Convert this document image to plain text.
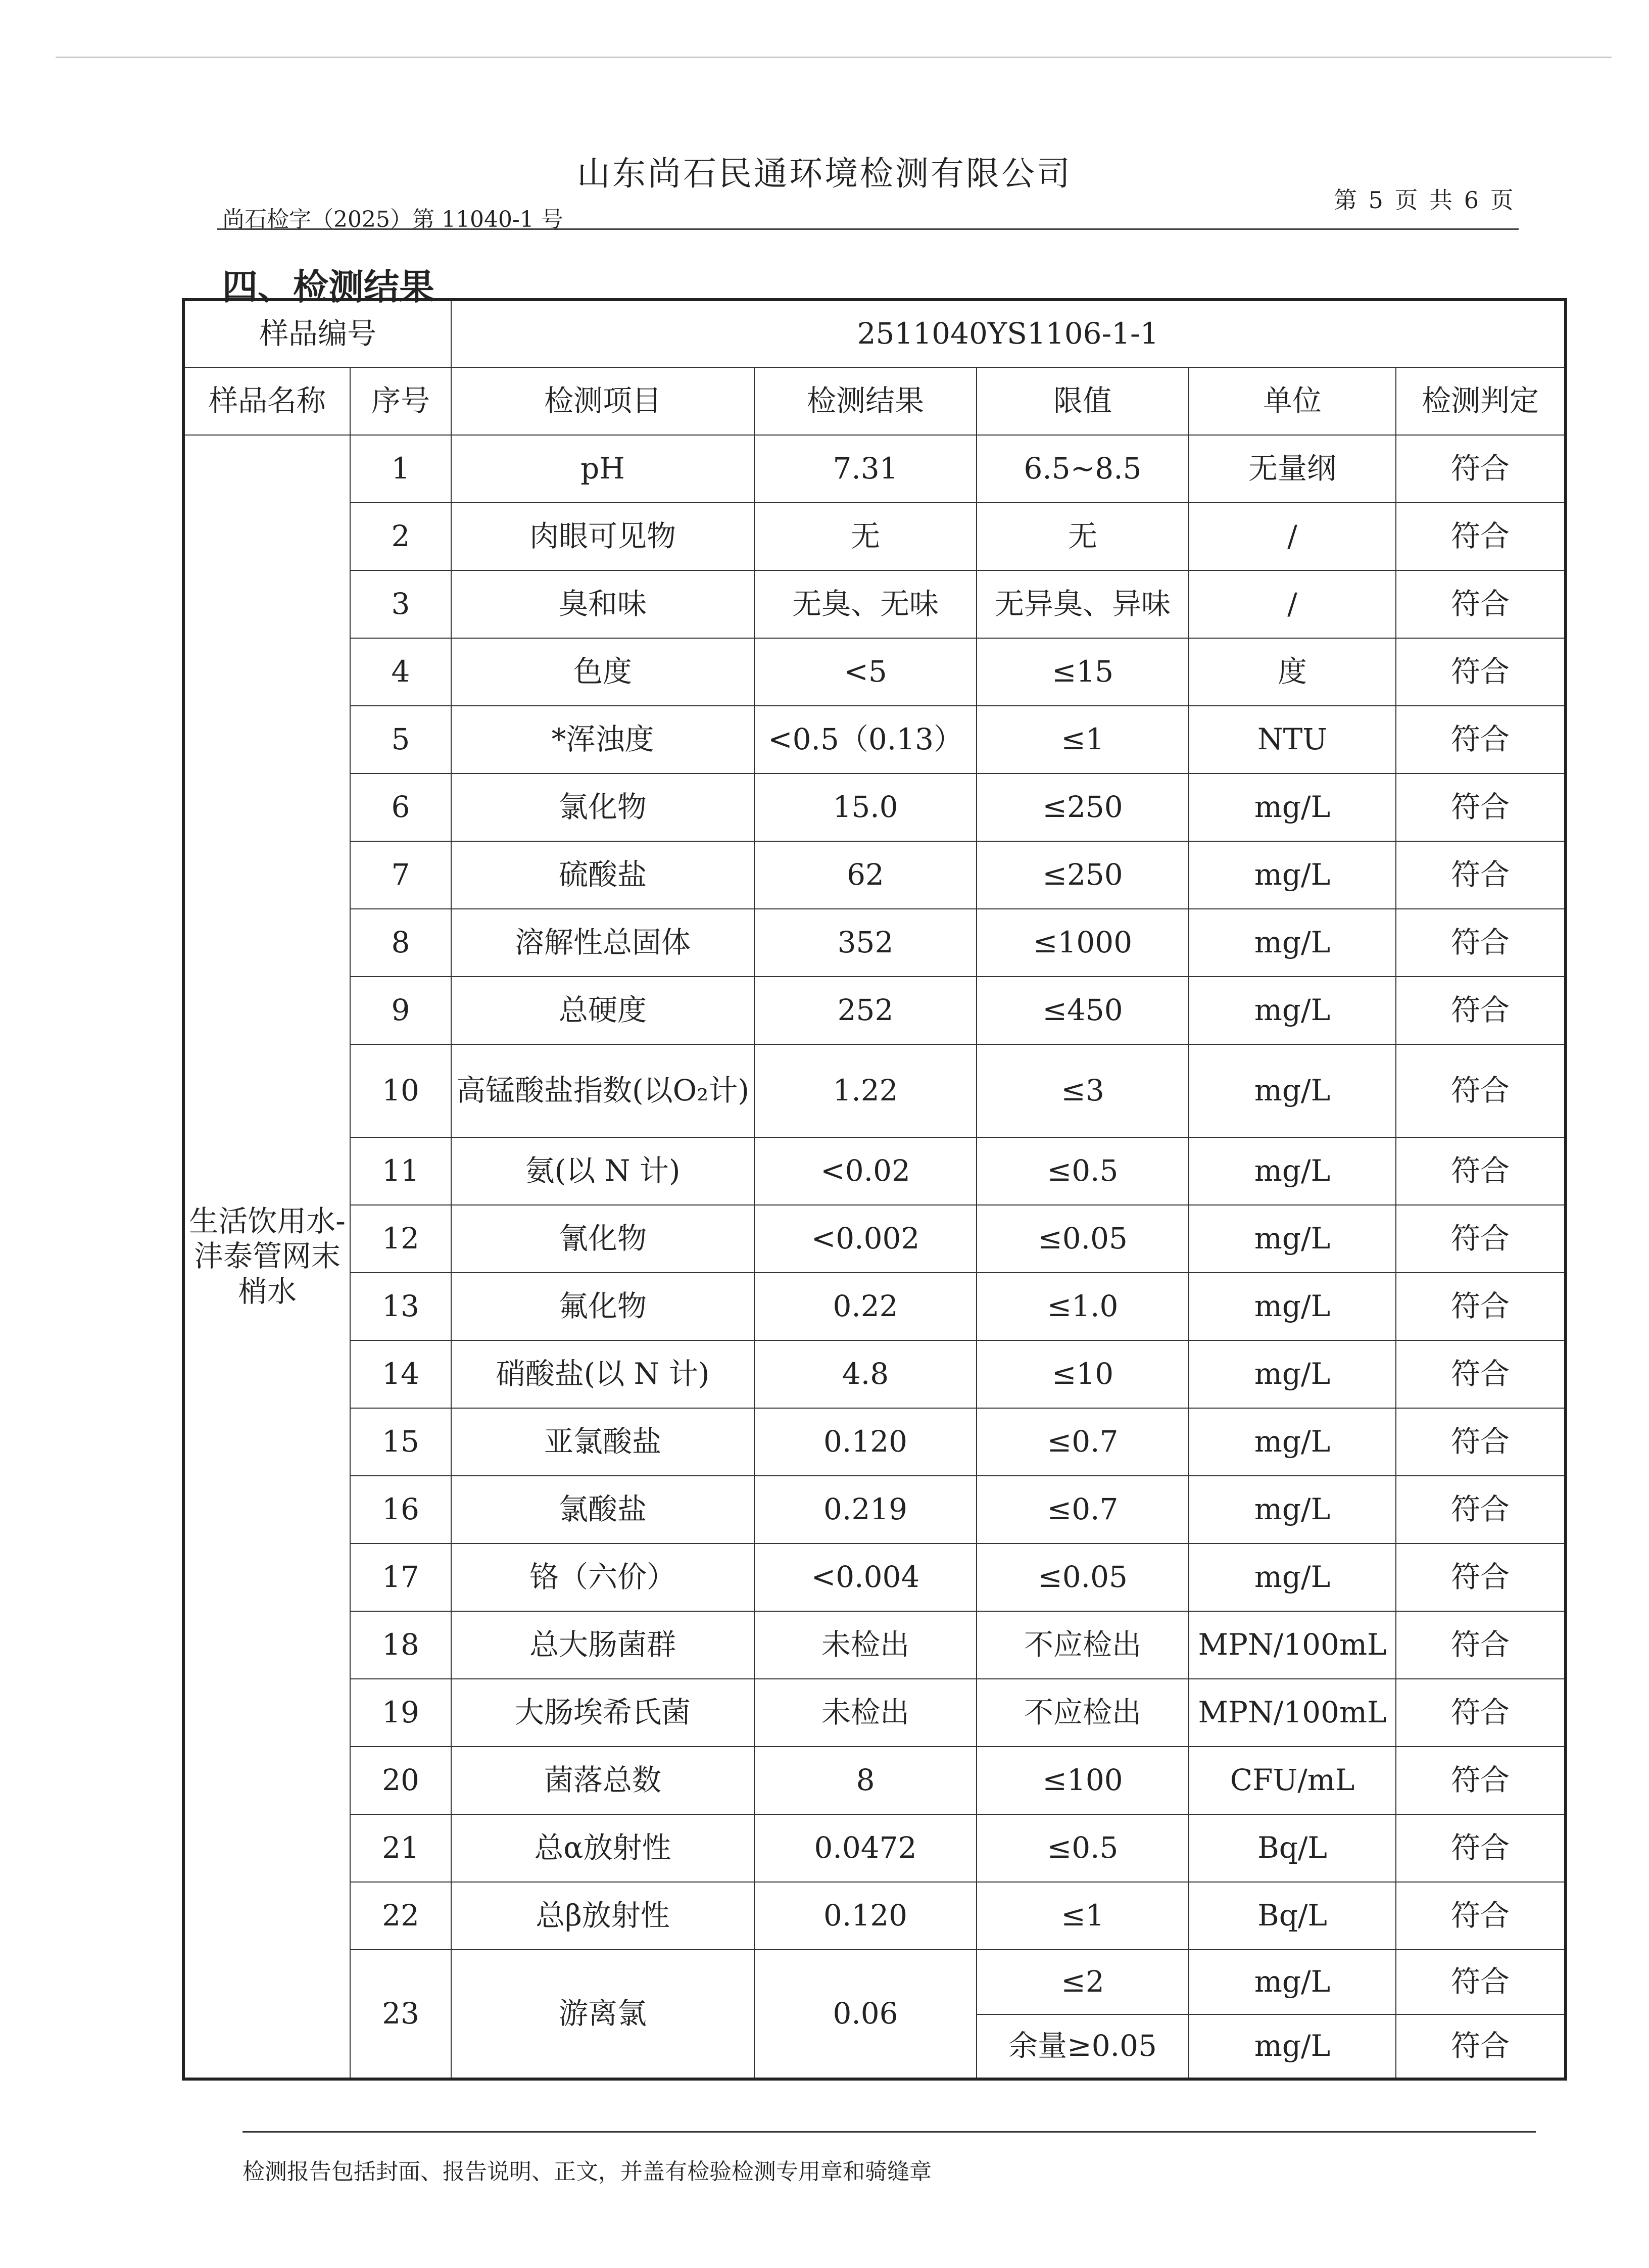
山东尚石民通环境检测有限公司
尚石检字（2025）第 11040-1 号
第 5 页 共 6 页
四、检测结果
样品编号		2511040YS1106-1-1				
样品名称	序号	检测项目	检测结果	限值	单位	检测判定
生活饮用水-沣泰管网末梢水	1	pH	7.31	6.5~8.5	无量纲	符合
	2	肉眼可见物	无	无	/	符合
	3	臭和味	无臭、无味	无异臭、异味	/	符合
	4	色度	<5	≤15	度	符合
	5	*浑浊度	<0.5（0.13）	≤1	NTU	符合
	6	氯化物	15.0	≤250	mg/L	符合
	7	硫酸盐	62	≤250	mg/L	符合
	8	溶解性总固体	352	≤1000	mg/L	符合
	9	总硬度	252	≤450	mg/L	符合
	10	高锰酸盐指数(以O₂计)	1.22	≤3	mg/L	符合
	11	氨(以 N 计)	<0.02	≤0.5	mg/L	符合
	12	氰化物	<0.002	≤0.05	mg/L	符合
	13	氟化物	0.22	≤1.0	mg/L	符合
	14	硝酸盐(以 N 计)	4.8	≤10	mg/L	符合
	15	亚氯酸盐	0.120	≤0.7	mg/L	符合
	16	氯酸盐	0.219	≤0.7	mg/L	符合
	17	铬（六价）	<0.004	≤0.05	mg/L	符合
	18	总大肠菌群	未检出	不应检出	MPN/100mL	符合
	19	大肠埃希氏菌	未检出	不应检出	MPN/100mL	符合
	20	菌落总数	8	≤100	CFU/mL	符合
	21	总α放射性	0.0472	≤0.5	Bq/L	符合
	22	总β放射性	0.120	≤1	Bq/L	符合
	23	游离氯	0.06	≤2	mg/L	符合
				余量≥0.05	mg/L	符合
检测报告包括封面、报告说明、正文，并盖有检验检测专用章和骑缝章
